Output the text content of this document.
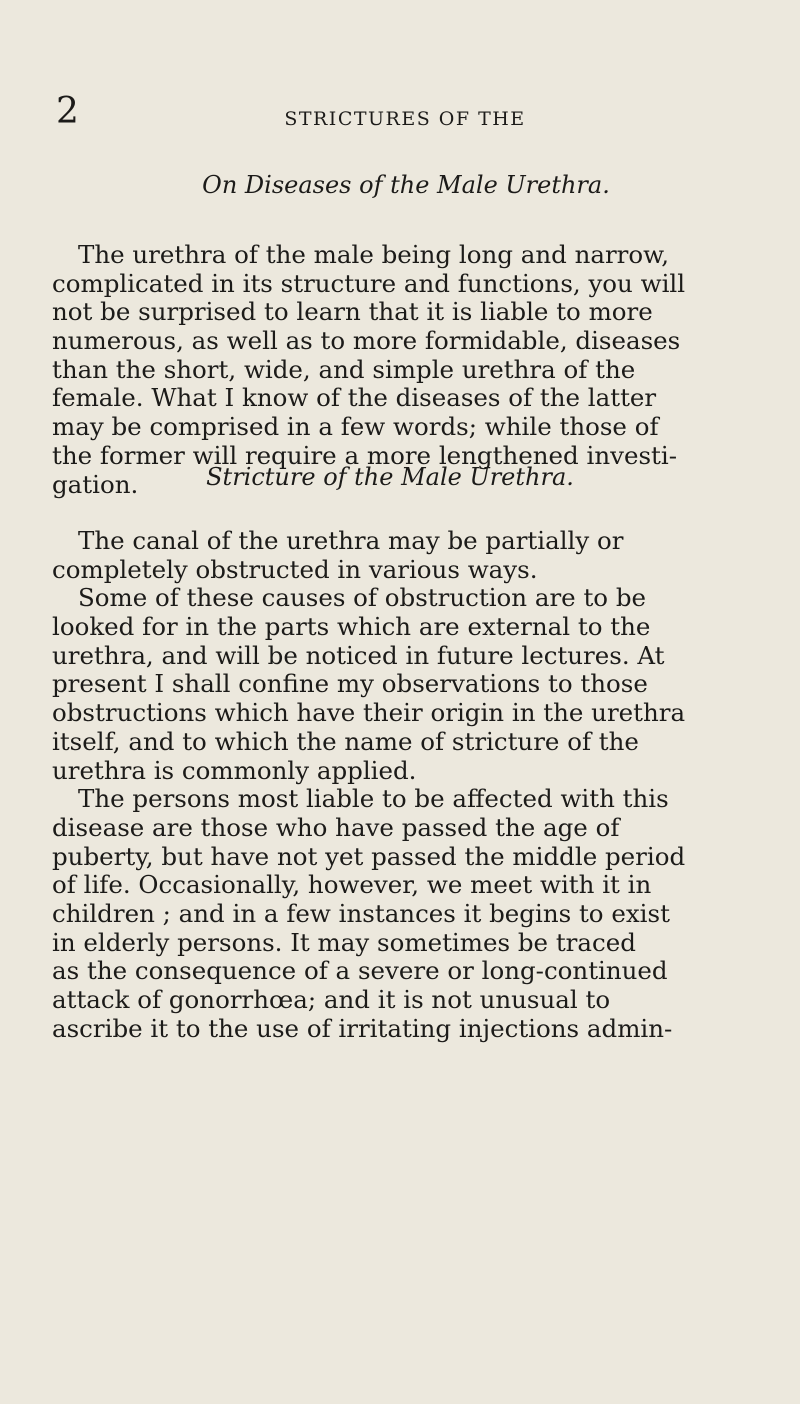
2	STRICTURES OF THE
On Diseases of the Male Urethra.

The urethra of the male being long and narrow,
complicated in its structure and functions, you will
not be surprised to learn that it is liable to more
numerous, as well as to more formidable, diseases
than the short, wide, and simple urethra of the
female. What I know of the diseases of the latter
may be comprised in a few words; while those of
the former will require a more lengthened investi-
gation.	Stricture of the Male Urethra.

The canal of the urethra may be partially or
completely obstructed in various ways.

Some of these causes of obstruction are to be
looked for in the parts which are external to the
urethra, and will be noticed in future lectures. At
present I shall confine my observations to those
obstructions which have their origin in the urethra
itself, and to which the name of stricture of the
urethra is commonly applied.

The persons most liable to be affected with this
disease are those who have passed the age of
puberty, but have not yet passed the middle period
of life. Occasionally, however, we meet with it in
children ; and in a few instances it begins to exist
in elderly persons. It may sometimes be traced
as the consequence of a severe or long-continued
attack of gonorrhœa; and it is not unusual to
ascribe it to the use of irritating injections admin-
